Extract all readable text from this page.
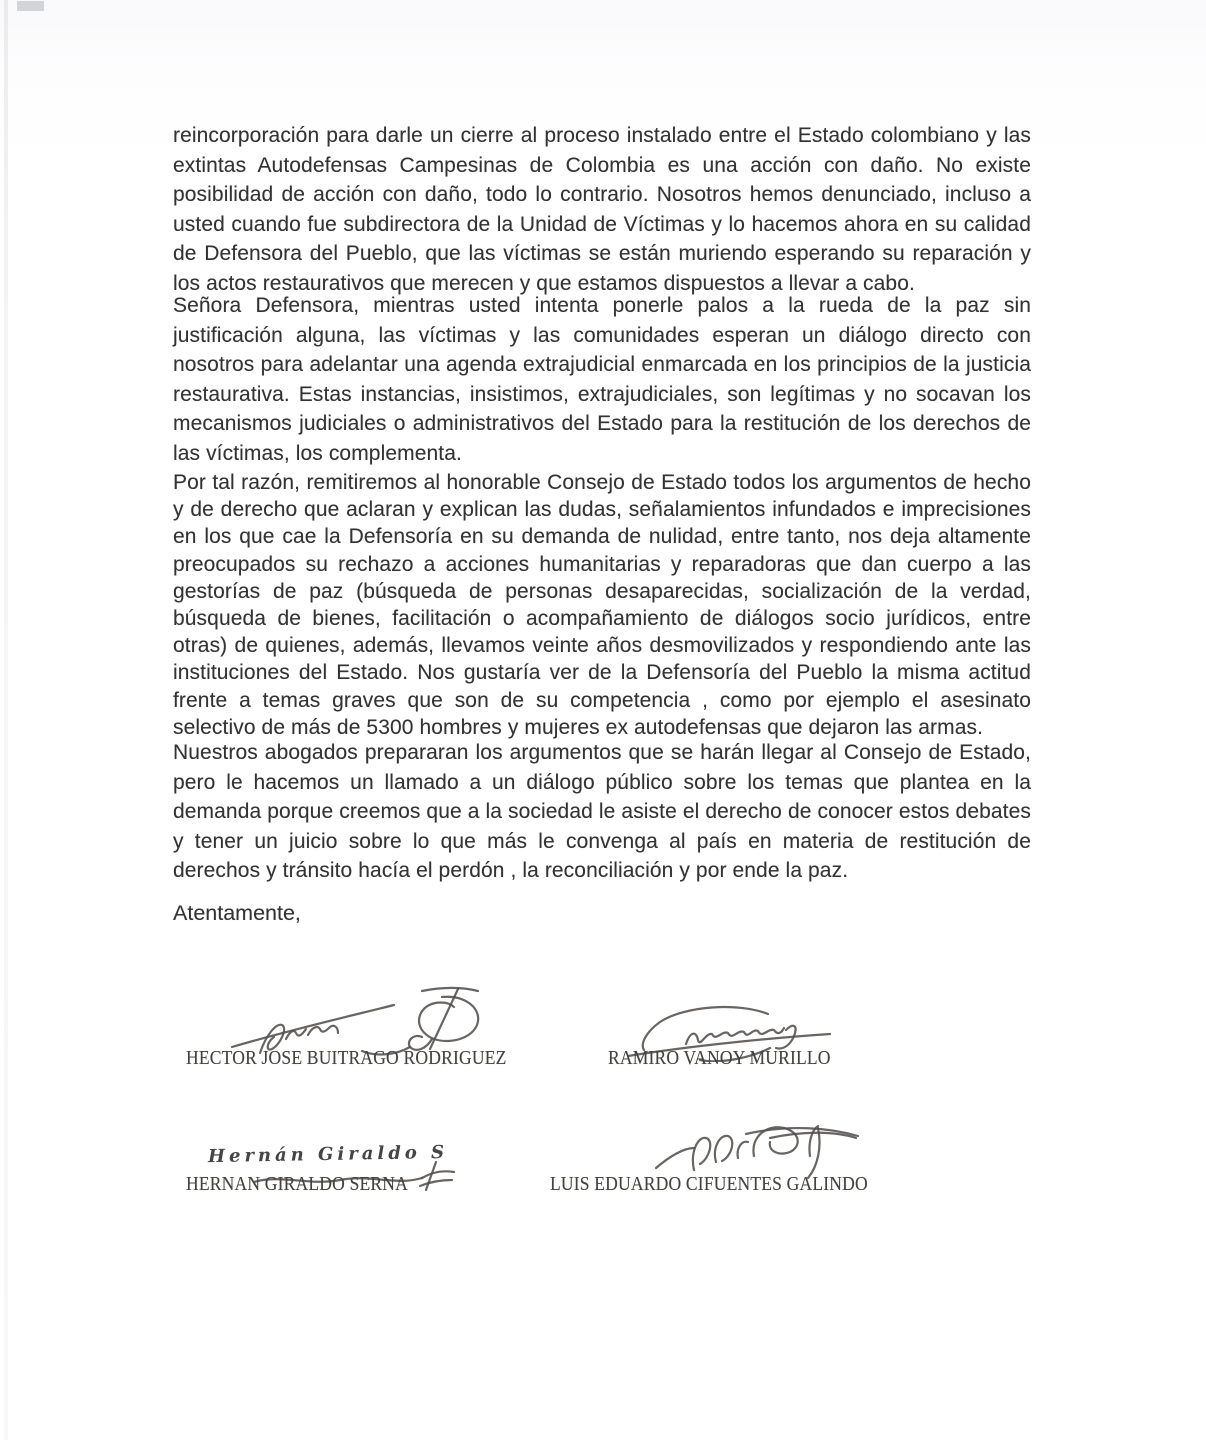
reincorporación para darle un cierre al proceso instalado entre el Estado colombiano y las extintas Autodefensas Campesinas de Colombia es una acción con daño. No existe posibilidad de acción con daño, todo lo contrario. Nosotros hemos denunciado, incluso a usted cuando fue subdirectora de la Unidad de Víctimas y lo hacemos ahora en su calidad de Defensora del Pueblo, que las víctimas se están muriendo esperando su reparación y los actos restaurativos que merecen y que estamos dispuestos a llevar a cabo.

Señora Defensora, mientras usted intenta ponerle palos a la rueda de la paz sin justificación alguna, las víctimas y las comunidades esperan un diálogo directo con nosotros para adelantar una agenda extrajudicial enmarcada en los principios de la justicia restaurativa. Estas instancias, insistimos, extrajudiciales, son legítimas y no socavan los mecanismos judiciales o administrativos del Estado para la restitución de los derechos de las víctimas, los complementa.

Por tal razón, remitiremos al honorable Consejo de Estado todos los argumentos de hecho y de derecho que aclaran y explican las dudas, señalamientos infundados e imprecisiones en los que cae la Defensoría en su demanda de nulidad, entre tanto, nos deja altamente preocupados su rechazo a acciones humanitarias y reparadoras que dan cuerpo a las gestorías de paz (búsqueda de personas desaparecidas, socialización de la verdad, búsqueda de bienes, facilitación o acompañamiento de diálogos socio jurídicos, entre otras) de quienes, además, llevamos veinte años desmovilizados y respondiendo ante las instituciones del Estado. Nos gustaría ver de la Defensoría del Pueblo la misma actitud frente a temas graves que son de su competencia , como por ejemplo el asesinato selectivo de más de 5300 hombres y mujeres ex autodefensas que dejaron las armas.

Nuestros abogados prepararan los argumentos que se harán llegar al Consejo de Estado, pero le hacemos un llamado a un diálogo público sobre los temas que plantea en la demanda porque creemos que a la sociedad le asiste el derecho de conocer estos debates y tener un juicio sobre lo que más le convenga al país en materia de restitución de derechos y tránsito hacía el perdón , la reconciliación y por ende la paz.

Atentamente,

HECTOR JOSE BUITRAGO RODRIGUEZ	RAMIRO VANOY MURILLO
Hernán Giraldo S
HERNAN GIRALDO SERNA	LUIS EDUARDO CIFUENTES GALINDO
